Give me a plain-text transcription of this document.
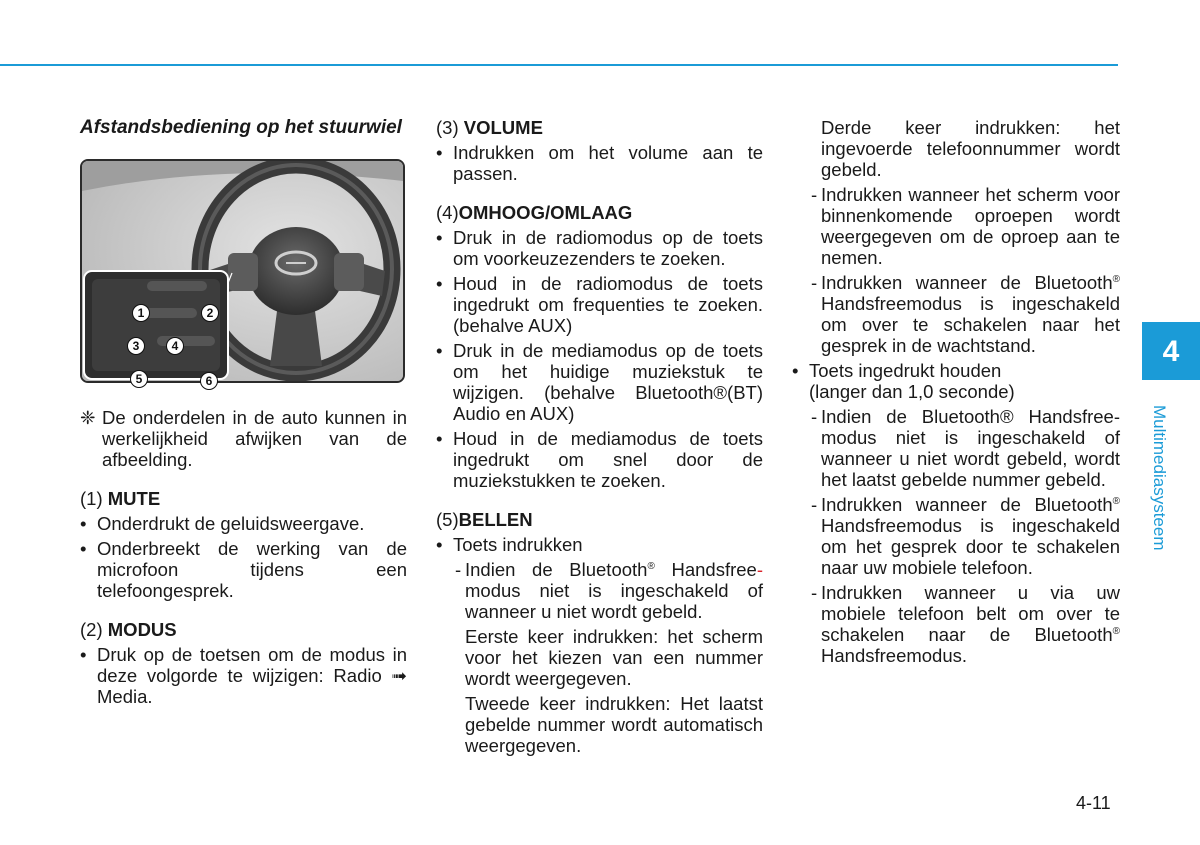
Afstandsbediening op het stuurwiel
❈ De onderdelen in de auto kunnen in werkelijkheid afwijken van de afbeelding.
(1) MUTE
• Onderdrukt de geluidsweergave.
• Onderbreekt de werking van de microfoon tijdens een telefoongesprek.
(2) MODUS
• Druk op de toetsen om de modus in deze volgorde te wijzigen: Radio ➟ Media.
1	2
3	4
5	6
(3) VOLUME
• Indrukken om het volume aan te passen.
(4)OMHOOG/OMLAAG
• Druk in de radiomodus op de toets om voorkeuzezenders te zoeken.
• Houd in de radiomodus de toets ingedrukt om frequenties te zoeken. (behalve AUX)
• Druk in de mediamodus op de toets om het huidige muziekstuk te wijzigen. (behalve Bluetooth®(BT) Audio en AUX)
• Houd in de mediamodus de toets ingedrukt om snel door de muziekstukken te zoeken.
(5)BELLEN
• Toets indrukken
- Indien de Bluetooth® Handsfree-modus niet is ingeschakeld of wanneer u niet wordt gebeld.
Eerste keer indrukken: het scherm voor het kiezen van een nummer wordt weergegeven.
Tweede keer indrukken: Het laatst gebelde nummer wordt automatisch weergegeven.
Derde keer indrukken: het ingevoerde telefoonnummer wordt gebeld.
- Indrukken wanneer het scherm voor binnenkomende oproepen wordt weergegeven om de oproep aan te nemen.
- Indrukken wanneer de Bluetooth® Handsfreemodus is ingeschakeld om over te schakelen naar het gesprek in de wachtstand.
• Toets ingedrukt houden
(langer dan 1,0 seconde)
- Indien de Bluetooth® Handsfree-modus niet is ingeschakeld of wanneer u niet wordt gebeld, wordt het laatst gebelde nummer gebeld.
- Indrukken wanneer de Bluetooth® Handsfreemodus is ingeschakeld om het gesprek door te schakelen naar uw mobiele telefoon.
- Indrukken wanneer u via uw mobiele telefoon belt om over te schakelen naar de Bluetooth® Handsfreemodus.
4
Multimediasysteem
4-11
